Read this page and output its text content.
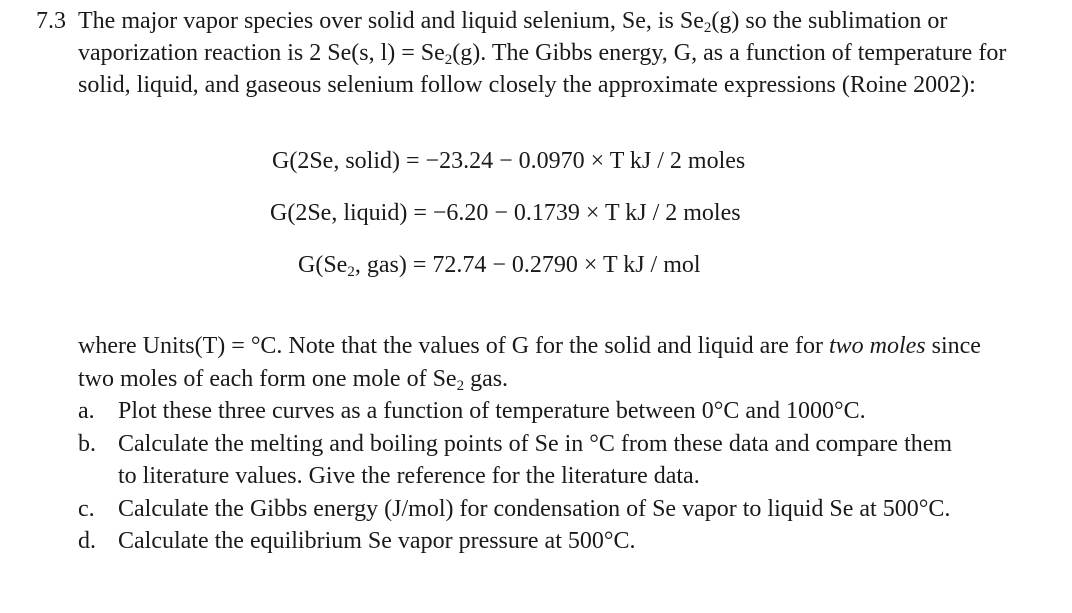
7.3 The major vapor species over solid and liquid selenium, Se, is $Se_2(g)$ so the sublimation or
vaporization reaction is 2 Se(s, $l) = Se_2(g)$. The Gibbs energy, G, as a function of temperature for
solid, liquid, and gaseous selenium follow closely the approximate expressions (Roine 2002):
G(2Se, solid) = −23.24 − 0.0970 × T kJ / 2 moles
G(2Se, liquid) = −6.20 − 0.1739 × T kJ / 2 moles
$G(Se_2$, gas) = 72.74 − 0.2790 × T kJ / mol
where Units(T) = °C. Note that the values of G for the solid and liquid are for two moles since
two moles of each form one mole of $Se_2$ gas.
a. Plot these three curves as a function of temperature between 0°C and 1000°C.
b. Calculate the melting and boiling points of Se in °C from these data and compare them
to literature values. Give the reference for the literature data.
c. Calculate the Gibbs energy (J/mol) for condensation of Se vapor to liquid Se at 500°C.
d. Calculate the equilibrium Se vapor pressure at 500°C.
